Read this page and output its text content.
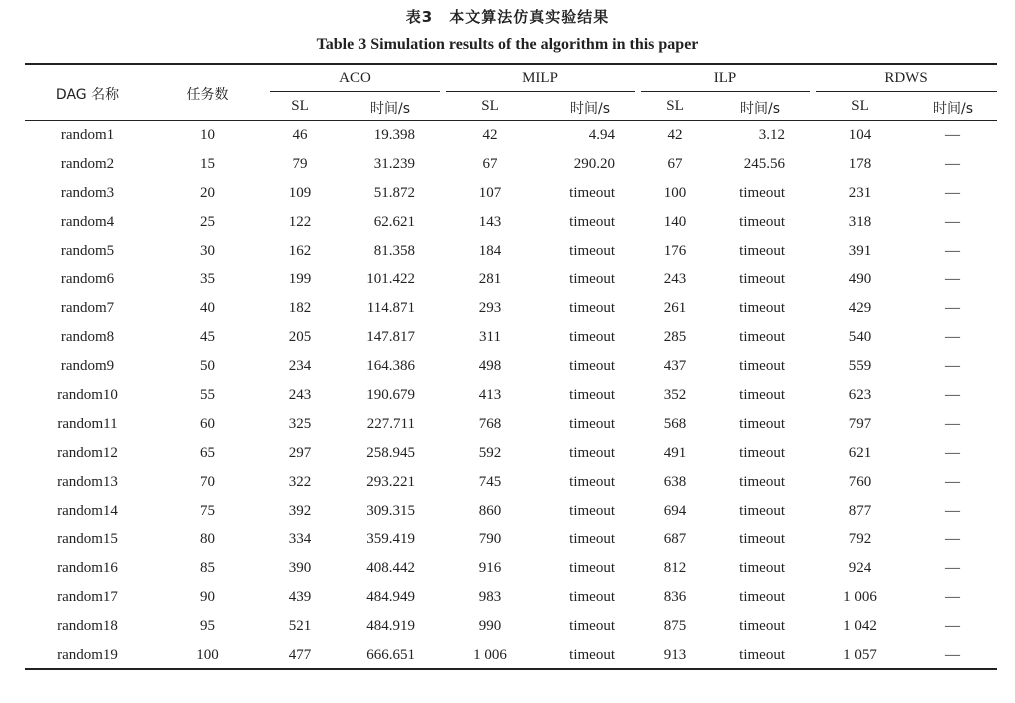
表3　本文算法仿真实验结果
Table 3 Simulation results of the algorithm in this paper
DAG 名称	任务数
ACO	MILP	ILP	RDWS
SL	时间/s	SL	时间/s	SL	时间/s	SL	时间/s
random1	10	46	19.398	42	4.94	42	3.12	104	—
random2	15	79	31.239	67	290.20	67	245.56	178	—
random3	20	109	51.872	107	timeout	100	timeout	231	—
random4	25	122	62.621	143	timeout	140	timeout	318	—
random5	30	162	81.358	184	timeout	176	timeout	391	—
random6	35	199	101.422	281	timeout	243	timeout	490	—
random7	40	182	114.871	293	timeout	261	timeout	429	—
random8	45	205	147.817	311	timeout	285	timeout	540	—
random9	50	234	164.386	498	timeout	437	timeout	559	—
random10	55	243	190.679	413	timeout	352	timeout	623	—
random11	60	325	227.711	768	timeout	568	timeout	797	—
random12	65	297	258.945	592	timeout	491	timeout	621	—
random13	70	322	293.221	745	timeout	638	timeout	760	—
random14	75	392	309.315	860	timeout	694	timeout	877	—
random15	80	334	359.419	790	timeout	687	timeout	792	—
random16	85	390	408.442	916	timeout	812	timeout	924	—
random17	90	439	484.949	983	timeout	836	timeout	1 006	—
random18	95	521	484.919	990	timeout	875	timeout	1 042	—
random19	100	477	666.651	1 006	timeout	913	timeout	1 057	—
